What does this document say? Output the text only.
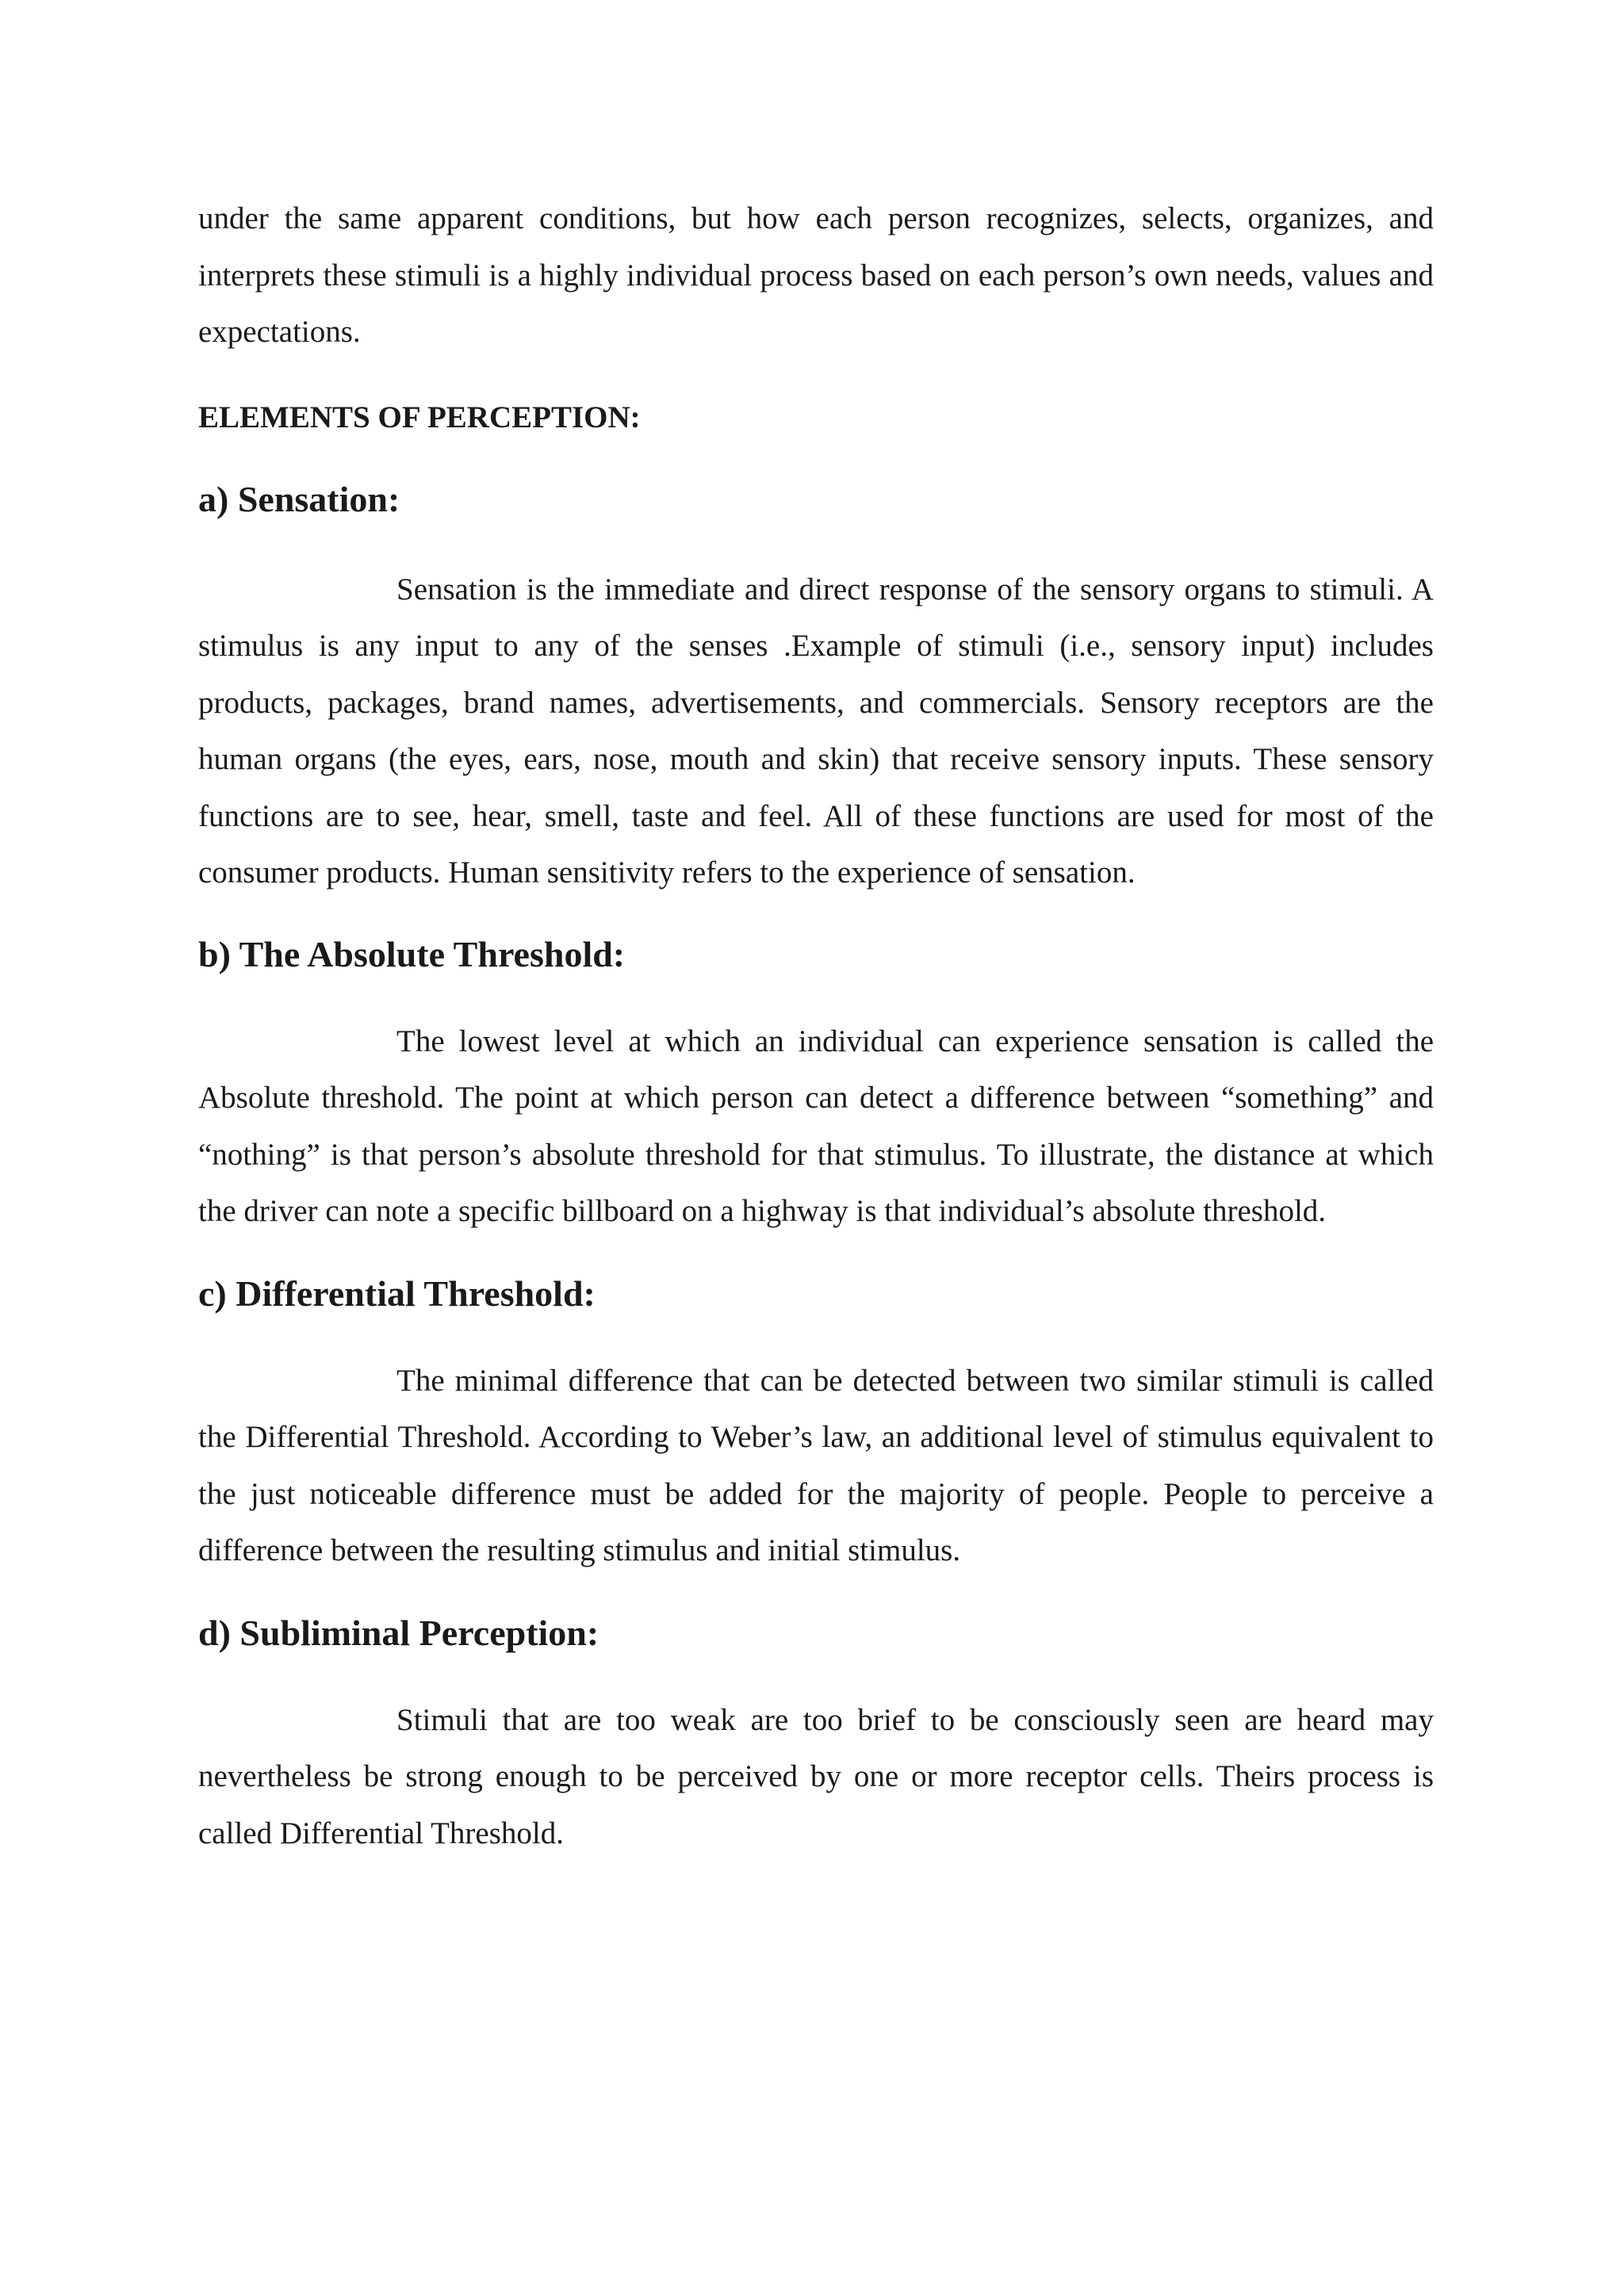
under the same apparent conditions, but how each person recognizes, selects, organizes, and interprets these stimuli is a highly individual process based on each person’s own needs, values and expectations.

ELEMENTS OF PERCEPTION:
a) Sensation:

Sensation is the immediate and direct response of the sensory organs to stimuli. A stimulus is any input to any of the senses .Example of stimuli (i.e., sensory input) includes products, packages, brand names, advertisements, and commercials. Sensory receptors are the human organs (the eyes, ears, nose, mouth and skin) that receive sensory inputs. These sensory functions are to see, hear, smell, taste and feel. All of these functions are used for most of the consumer products. Human sensitivity refers to the experience of sensation.

b) The Absolute Threshold:

The lowest level at which an individual can experience sensation is called the Absolute threshold. The point at which person can detect a difference between “something” and “nothing” is that person’s absolute threshold for that stimulus. To illustrate, the distance at which the driver can note a specific billboard on a highway is that individual’s absolute threshold.

c) Differential Threshold:

The minimal difference that can be detected between two similar stimuli is called the Differential Threshold. According to Weber’s law, an additional level of stimulus equivalent to the just noticeable difference must be added for the majority of people. People to perceive a difference between the resulting stimulus and initial stimulus.

d) Subliminal Perception:

Stimuli that are too weak are too brief to be consciously seen are heard may nevertheless be strong enough to be perceived by one or more receptor cells. Theirs process is called Differential Threshold.
